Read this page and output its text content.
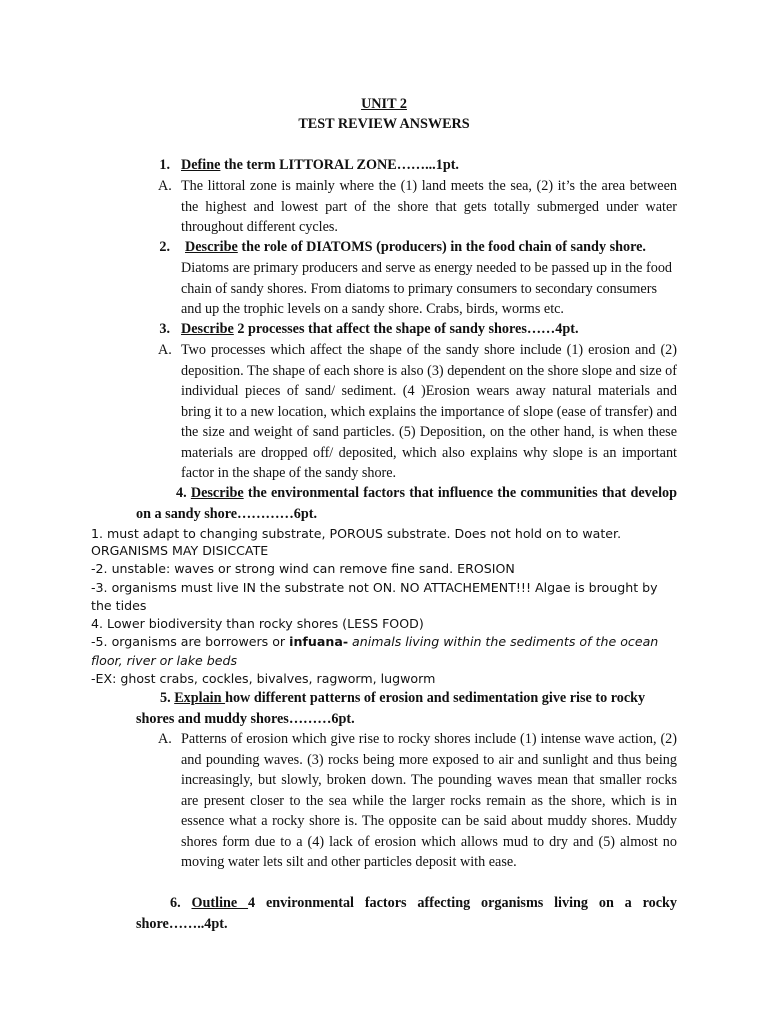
UNIT 2
TEST REVIEW ANSWERS
1. Define the term LITTORAL ZONE……...1pt.
A. The littoral zone is mainly where the (1) land meets the sea, (2) it’s the area between the highest and lowest part of the shore that gets totally submerged under water throughout different cycles.
2. Describe the role of DIATOMS (producers) in the food chain of sandy shore.
Diatoms are primary producers and serve as energy needed to be passed up in the food chain of sandy shores. From diatoms to primary consumers to secondary consumers and up the trophic levels on a sandy shore. Crabs, birds, worms etc.
3. Describe 2 processes that affect the shape of sandy shores……4pt.
A. Two processes which affect the shape of the sandy shore include (1) erosion and (2) deposition. The shape of each shore is also (3) dependent on the shore slope and size of individual pieces of sand/ sediment. (4 )Erosion wears away natural materials and bring it to a new location, which explains the importance of slope (ease of transfer) and the size and weight of sand particles. (5) Deposition, on the other hand, is when these materials are dropped off/ deposited, which also explains why slope is an important factor in the shape of the sandy shore.
4. Describe the environmental factors that influence the communities that develop on a sandy shore…………6pt.
1. must adapt to changing substrate, POROUS substrate. Does not hold on to water.
ORGANISMS MAY DISICCATE
-2. unstable: waves or strong wind can remove fine sand. EROSION
-3. organisms must live IN the substrate not ON. NO ATTACHEMENT!!! Algae is brought by
the tides
4. Lower biodiversity than rocky shores (LESS FOOD)
-5. organisms are borrowers or infuana- animals living within the sediments of the ocean
floor, river or lake beds
-EX: ghost crabs, cockles, bivalves, ragworm, lugworm
5. Explain how different patterns of erosion and sedimentation give rise to rocky shores and muddy shores………6pt.
A. Patterns of erosion which give rise to rocky shores include (1) intense wave action, (2) and pounding waves. (3) rocks being more exposed to air and sunlight and thus being increasingly, but slowly, broken down. The pounding waves mean that smaller rocks are present closer to the sea while the larger rocks remain as the shore, which is in essence what a rocky shore is. The opposite can be said about muddy shores. Muddy shores form due to a (4) lack of erosion which allows mud to dry and (5) almost no moving water lets silt and other particles deposit with ease.
6. Outline 4 environmental factors affecting organisms living on a rocky shore……..4pt.
